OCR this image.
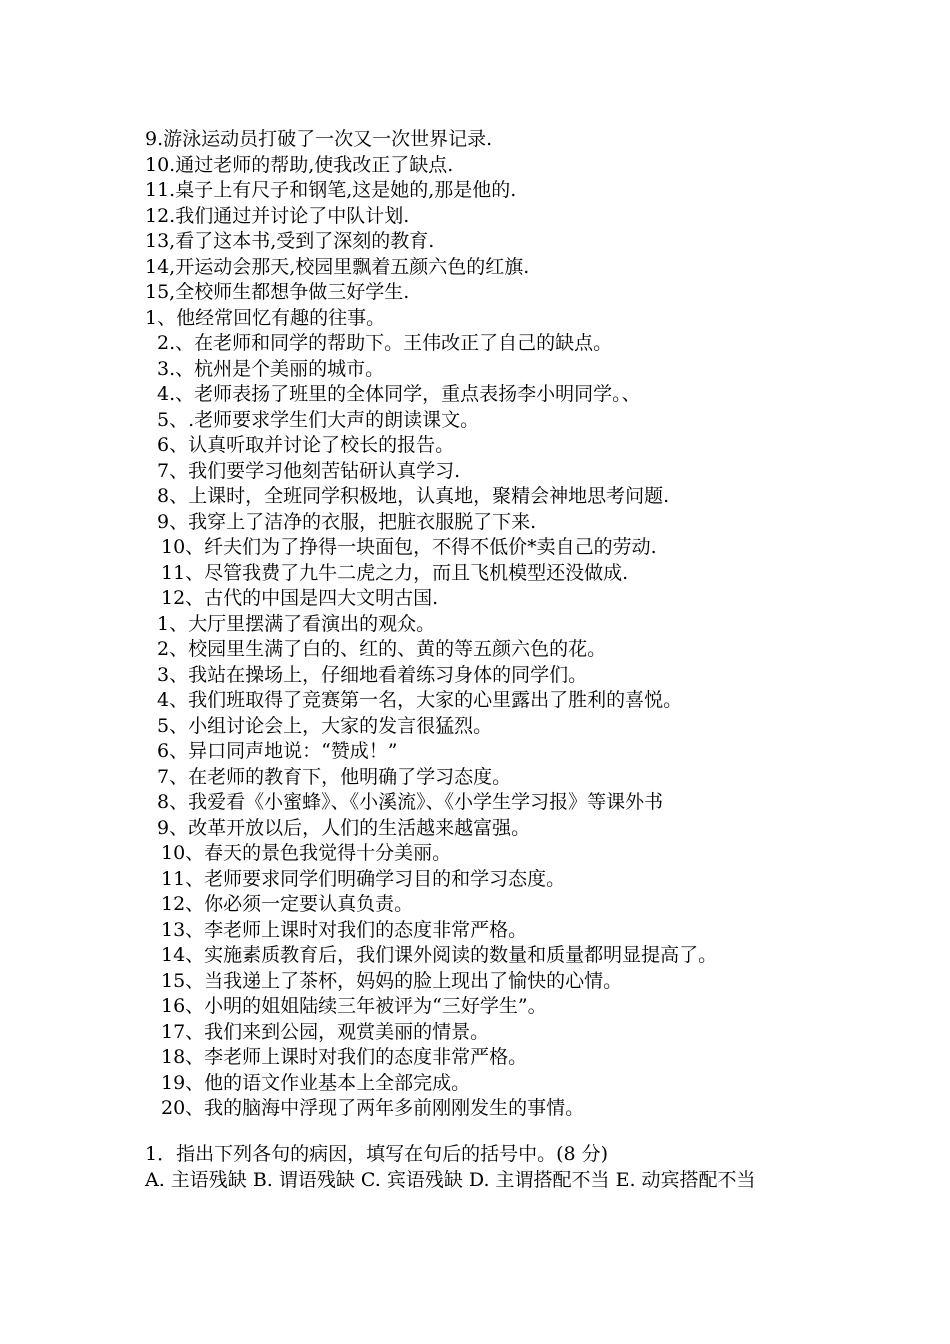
9.游泳运动员打破了一次又一次世界记录.
10.通过老师的帮助,使我改正了缺点.
11.桌子上有尺子和钢笔,这是她的,那是他的.
12.我们通过并讨论了中队计划.
13,看了这本书,受到了深刻的教育.
14,开运动会那天,校园里飘着五颜六色的红旗.
15,全校师生都想争做三好学生.
1、他经常回忆有趣的往事。
2.、在老师和同学的帮助下。王伟改正了自己的缺点。
3.、杭州是个美丽的城市。
4.、老师表扬了班里的全体同学，重点表扬李小明同学。、
5、.老师要求学生们大声的朗读课文。
6、认真听取并讨论了校长的报告。
7、我们要学习他刻苦钻研认真学习.
8、上课时，全班同学积极地，认真地，聚精会神地思考问题.
9、我穿上了洁净的衣服，把脏衣服脱了下来.
10、纤夫们为了挣得一块面包，不得不低价*卖自己的劳动.
11、尽管我费了九牛二虎之力，而且飞机模型还没做成.
12、古代的中国是四大文明古国.
1、大厅里摆满了看演出的观众。
2、校园里生满了白的、红的、黄的等五颜六色的花。
3、我站在操场上，仔细地看着练习身体的同学们。
4、我们班取得了竞赛第一名，大家的心里露出了胜利的喜悦。
5、小组讨论会上，大家的发言很猛烈。
6、异口同声地说：“赞成！”
7、在老师的教育下，他明确了学习态度。
8、我爱看《小蜜蜂》、《小溪流》、《小学生学习报》等课外书
9、改革开放以后，人们的生活越来越富强。
10、春天的景色我觉得十分美丽。
11、老师要求同学们明确学习目的和学习态度。
12、你必须一定要认真负责。
13、李老师上课时对我们的态度非常严格。
14、实施素质教育后，我们课外阅读的数量和质量都明显提高了。
15、当我递上了茶杯，妈妈的脸上现出了愉快的心情。
16、小明的姐姐陆续三年被评为“三好学生”。
17、我们来到公园，观赏美丽的情景。
18、李老师上课时对我们的态度非常严格。
19、他的语文作业基本上全部完成。
20、我的脑海中浮现了两年多前刚刚发生的事情。
1．指出下列各句的病因，填写在句后的括号中。(8 分)
A. 主语残缺 B. 谓语残缺 C. 宾语残缺 D. 主谓搭配不当 E. 动宾搭配不当
